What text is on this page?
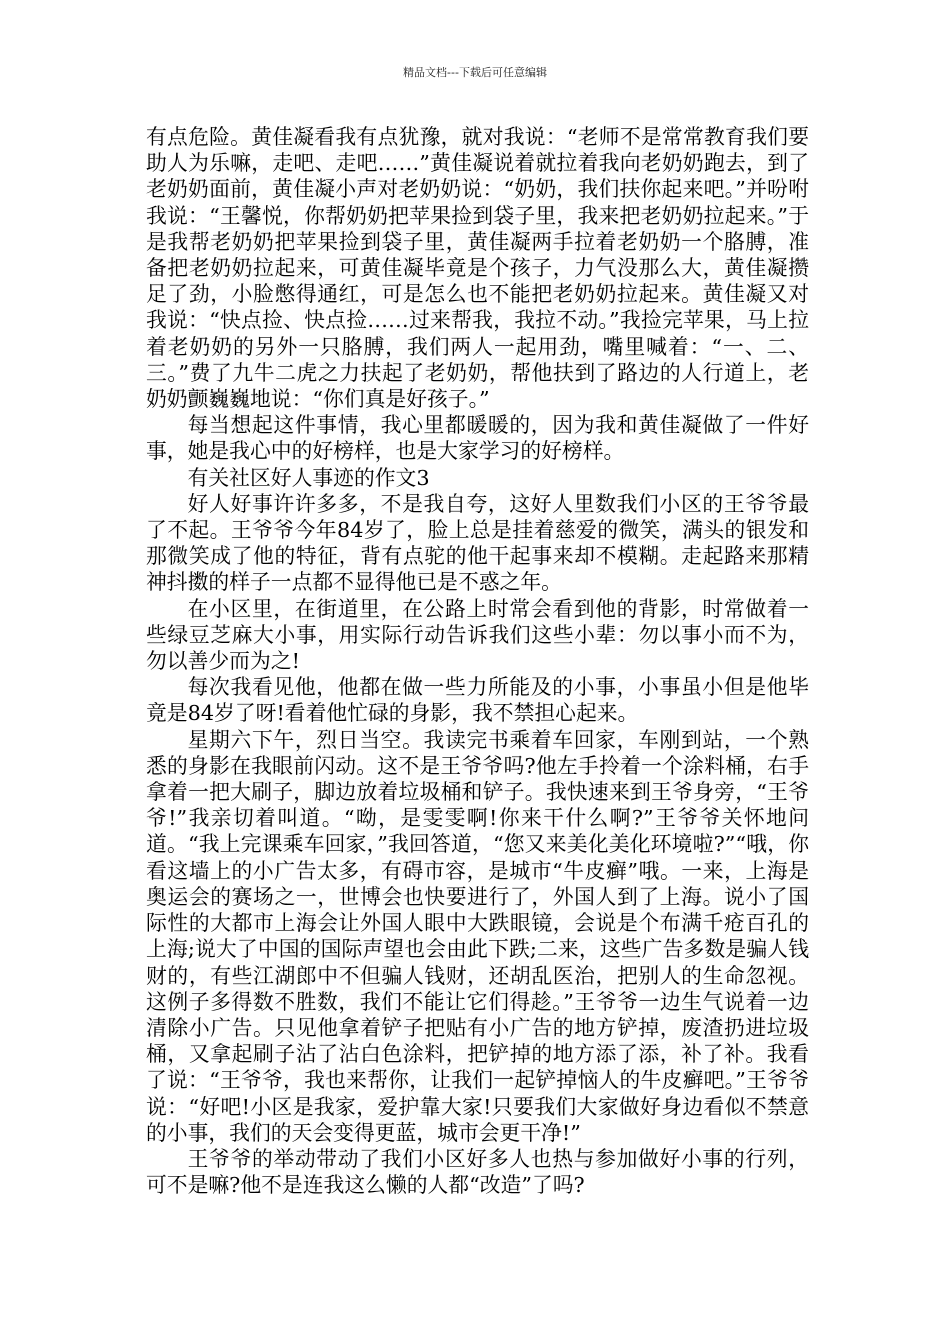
精品文档---下载后可任意编辑

有点危险。黄佳凝看我有点犹豫，就对我说：“老师不是常常教育我们要助人为乐嘛，走吧、走吧……”黄佳凝说着就拉着我向老奶奶跑去，到了老奶奶面前，黄佳凝小声对老奶奶说：“奶奶，我们扶你起来吧。”并吩咐我说：“王馨悦，你帮奶奶把苹果捡到袋子里，我来把老奶奶拉起来。”于是我帮老奶奶把苹果捡到袋子里，黄佳凝两手拉着老奶奶一个胳膊，准备把老奶奶拉起来，可黄佳凝毕竟是个孩子，力气没那么大，黄佳凝攒足了劲，小脸憋得通红，可是怎么也不能把老奶奶拉起来。黄佳凝又对我说：“快点捡、快点捡……过来帮我，我拉不动。”我捡完苹果，马上拉着老奶奶的另外一只胳膊，我们两人一起用劲，嘴里喊着：“一、二、三。”费了九牛二虎之力扶起了老奶奶，帮他扶到了路边的人行道上，老奶奶颤巍巍地说：“你们真是好孩子。”

每当想起这件事情，我心里都暖暖的，因为我和黄佳凝做了一件好事，她是我心中的好榜样，也是大家学习的好榜样。

有关社区好人事迹的作文3

好人好事许许多多，不是我自夸，这好人里数我们小区的王爷爷最了不起。王爷爷今年84岁了，脸上总是挂着慈爱的微笑，满头的银发和那微笑成了他的特征，背有点驼的他干起事来却不模糊。走起路来那精神抖擞的样子一点都不显得他已是不惑之年。

在小区里，在街道里，在公路上时常会看到他的背影，时常做着一些绿豆芝麻大小事，用实际行动告诉我们这些小辈：勿以事小而不为，勿以善少而为之!

每次我看见他，他都在做一些力所能及的小事，小事虽小但是他毕竟是84岁了呀!看着他忙碌的身影，我不禁担心起来。

星期六下午，烈日当空。我读完书乘着车回家，车刚到站，一个熟悉的身影在我眼前闪动。这不是王爷爷吗?他左手拎着一个涂料桶，右手拿着一把大刷子，脚边放着垃圾桶和铲子。我快速来到王爷身旁，“王爷爷!”我亲切着叫道。“呦，是雯雯啊!你来干什么啊?”王爷爷关怀地问道。“我上完课乘车回家，”我回答道，“您又来美化美化环境啦?”“哦，你看这墙上的小广告太多，有碍市容，是城市“牛皮癣”哦。一来，上海是奥运会的赛场之一，世博会也快要进行了，外国人到了上海。说小了国际性的大都市上海会让外国人眼中大跌眼镜，会说是个布满千疮百孔的上海;说大了中国的国际声望也会由此下跌;二来，这些广告多数是骗人钱财的，有些江湖郎中不但骗人钱财，还胡乱医治，把别人的生命忽视。这例子多得数不胜数，我们不能让它们得趁。”王爷爷一边生气说着一边清除小广告。只见他拿着铲子把贴有小广告的地方铲掉，废渣扔进垃圾桶，又拿起刷子沾了沾白色涂料，把铲掉的地方添了添，补了补。我看了说：“王爷爷，我也来帮你，让我们一起铲掉恼人的牛皮癣吧。”王爷爷说：“好吧!小区是我家，爱护靠大家!只要我们大家做好身边看似不禁意的小事，我们的天会变得更蓝，城市会更干净!”

王爷爷的举动带动了我们小区好多人也热与参加做好小事的行列，可不是嘛?他不是连我这么懒的人都“改造”了吗?
